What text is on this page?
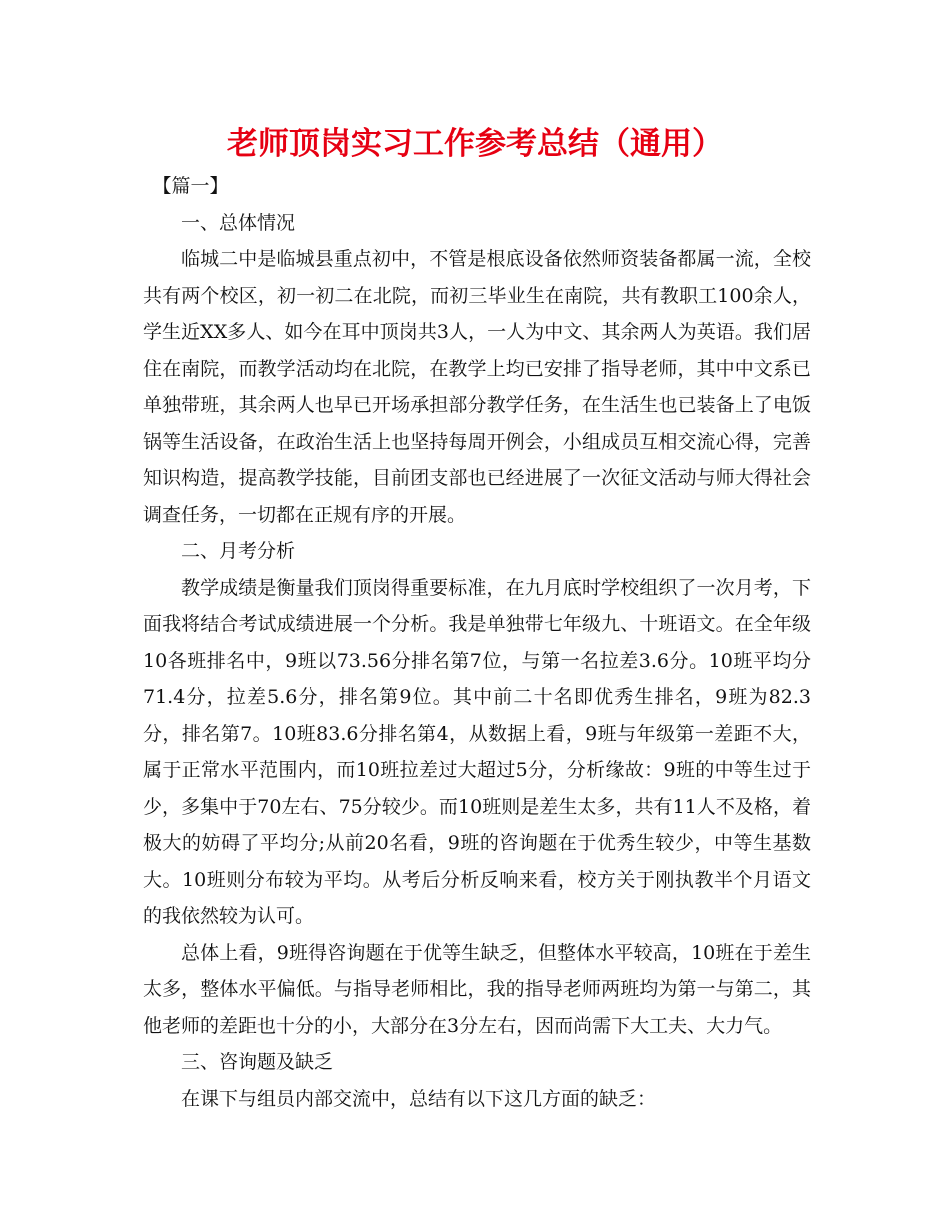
老师顶岗实习工作参考总结（通用）

【篇一】

一、总体情况

临城二中是临城县重点初中，不管是根底设备依然师资装备都属一流，全校共有两个校区，初一初二在北院，而初三毕业生在南院，共有教职工100余人，学生近XX多人、如今在耳中顶岗共3人，一人为中文、其余两人为英语。我们居住在南院，而教学活动均在北院，在教学上均已安排了指导老师，其中中文系已单独带班，其余两人也早已开场承担部分教学任务，在生活生也已装备上了电饭锅等生活设备，在政治生活上也坚持每周开例会，小组成员互相交流心得，完善知识构造，提高教学技能，目前团支部也已经进展了一次征文活动与师大得社会调查任务，一切都在正规有序的开展。

二、月考分析

教学成绩是衡量我们顶岗得重要标准，在九月底时学校组织了一次月考，下面我将结合考试成绩进展一个分析。我是单独带七年级九、十班语文。在全年级10各班排名中，9班以73.56分排名第7位，与第一名拉差3.6分。10班平均分71.4分，拉差5.6分，排名第9位。其中前二十名即优秀生排名，9班为82.3分，排名第7。10班83.6分排名第4，从数据上看，9班与年级第一差距不大，属于正常水平范围内，而10班拉差过大超过5分，分析缘故：9班的中等生过于少，多集中于70左右、75分较少。而10班则是差生太多，共有11人不及格，着极大的妨碍了平均分;从前20名看，9班的咨询题在于优秀生较少，中等生基数大。10班则分布较为平均。从考后分析反响来看，校方关于刚执教半个月语文的我依然较为认可。

总体上看，9班得咨询题在于优等生缺乏，但整体水平较高，10班在于差生太多，整体水平偏低。与指导老师相比，我的指导老师两班均为第一与第二，其他老师的差距也十分的小，大部分在3分左右，因而尚需下大工夫、大力气。

三、咨询题及缺乏

在课下与组员内部交流中，总结有以下这几方面的缺乏：
